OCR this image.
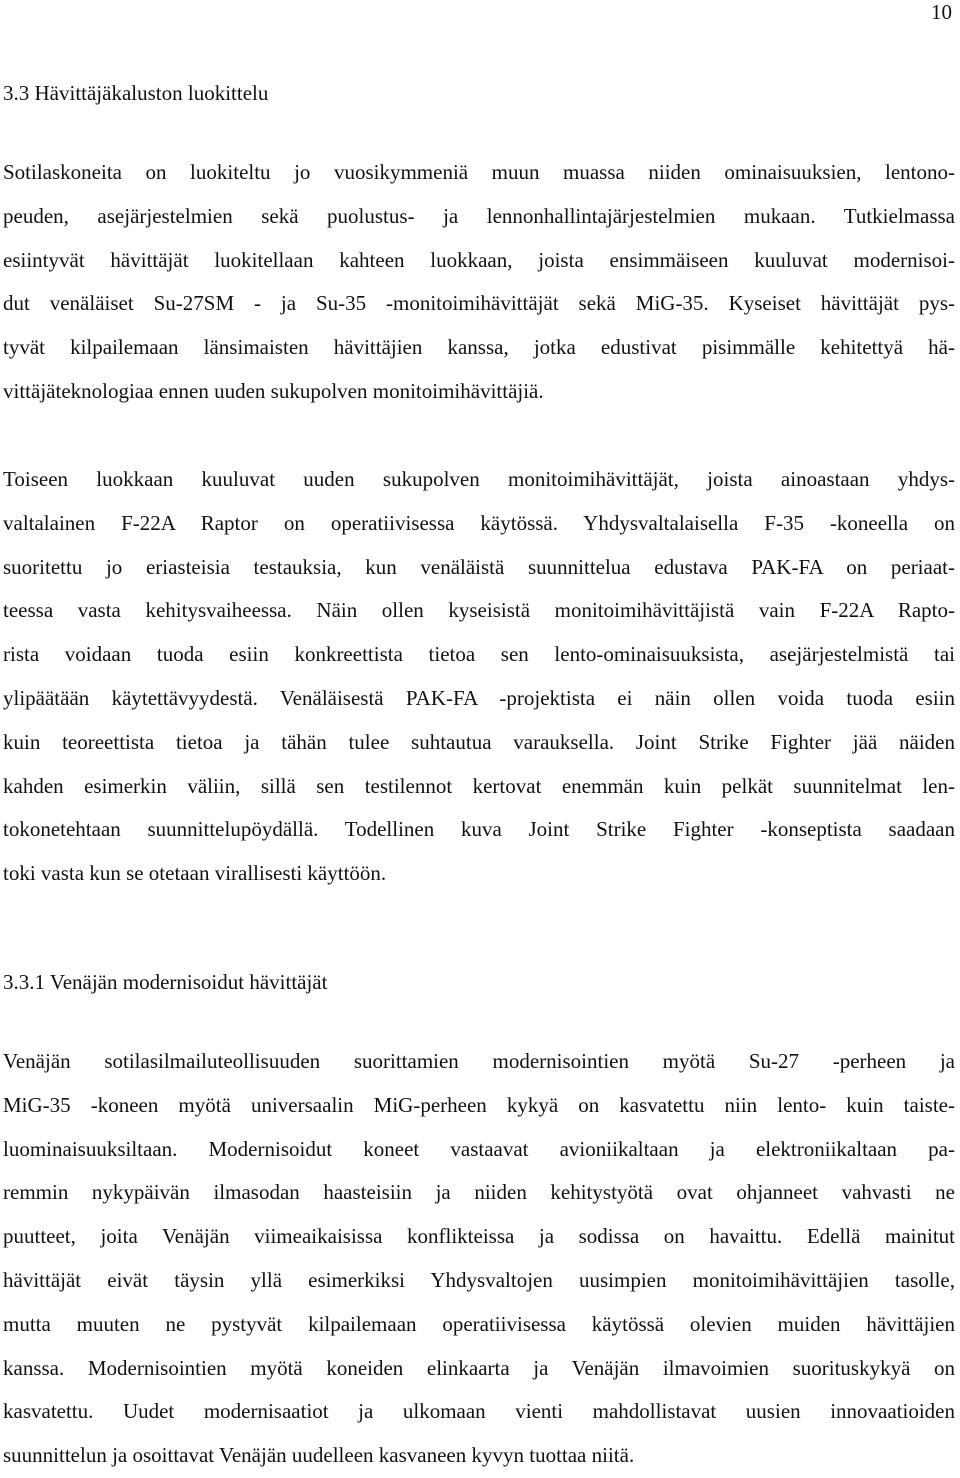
10
3.3 Hävittäjäkaluston luokittelu
Sotilaskoneita on luokiteltu jo vuosikymmeniä muun muassa niiden ominaisuuksien, lentono-
peuden, asejärjestelmien sekä puolustus- ja lennonhallintajärjestelmien mukaan. Tutkielmassa
esiintyvät hävittäjät luokitellaan kahteen luokkaan, joista ensimmäiseen kuuluvat modernisoi-
dut venäläiset Su-27SM - ja Su-35 -monitoimihävittäjät sekä MiG-35. Kyseiset hävittäjät pys-
tyvät kilpailemaan länsimaisten hävittäjien kanssa, jotka edustivat pisimmälle kehitettyä hä-
vittäjäteknologiaa ennen uuden sukupolven monitoimihävittäjiä.
Toiseen luokkaan kuuluvat uuden sukupolven monitoimihävittäjät, joista ainoastaan yhdys-
valtalainen F-22A Raptor on operatiivisessa käytössä. Yhdysvaltalaisella F-35 -koneella on
suoritettu jo eriasteisia testauksia, kun venäläistä suunnittelua edustava PAK-FA on periaat-
teessa vasta kehitysvaiheessa. Näin ollen kyseisistä monitoimihävittäjistä vain F-22A Rapto-
rista voidaan tuoda esiin konkreettista tietoa sen lento-ominaisuuksista, asejärjestelmistä tai
ylipäätään käytettävyydestä. Venäläisestä PAK-FA -projektista ei näin ollen voida tuoda esiin
kuin teoreettista tietoa ja tähän tulee suhtautua varauksella. Joint Strike Fighter jää näiden
kahden esimerkin väliin, sillä sen testilennot kertovat enemmän kuin pelkät suunnitelmat len-
tokonetehtaan suunnittelupöydällä. Todellinen kuva Joint Strike Fighter -konseptista saadaan
toki vasta kun se otetaan virallisesti käyttöön.
3.3.1 Venäjän modernisoidut hävittäjät
Venäjän sotilasilmailuteollisuuden suorittamien modernisointien myötä Su-27 -perheen ja
MiG-35 -koneen myötä universaalin MiG-perheen kykyä on kasvatettu niin lento- kuin taiste-
luominaisuuksiltaan. Modernisoidut koneet vastaavat avioniikaltaan ja elektroniikaltaan pa-
remmin nykypäivän ilmasodan haasteisiin ja niiden kehitystyötä ovat ohjanneet vahvasti ne
puutteet, joita Venäjän viimeaikaisissa konflikteissa ja sodissa on havaittu. Edellä mainitut
hävittäjät eivät täysin yllä esimerkiksi Yhdysvaltojen uusimpien monitoimihävittäjien tasolle,
mutta muuten ne pystyvät kilpailemaan operatiivisessa käytössä olevien muiden hävittäjien
kanssa. Modernisointien myötä koneiden elinkaarta ja Venäjän ilmavoimien suorituskykyä on
kasvatettu. Uudet modernisaatiot ja ulkomaan vienti mahdollistavat uusien innovaatioiden
suunnittelun ja osoittavat Venäjän uudelleen kasvaneen kyvyn tuottaa niitä.
